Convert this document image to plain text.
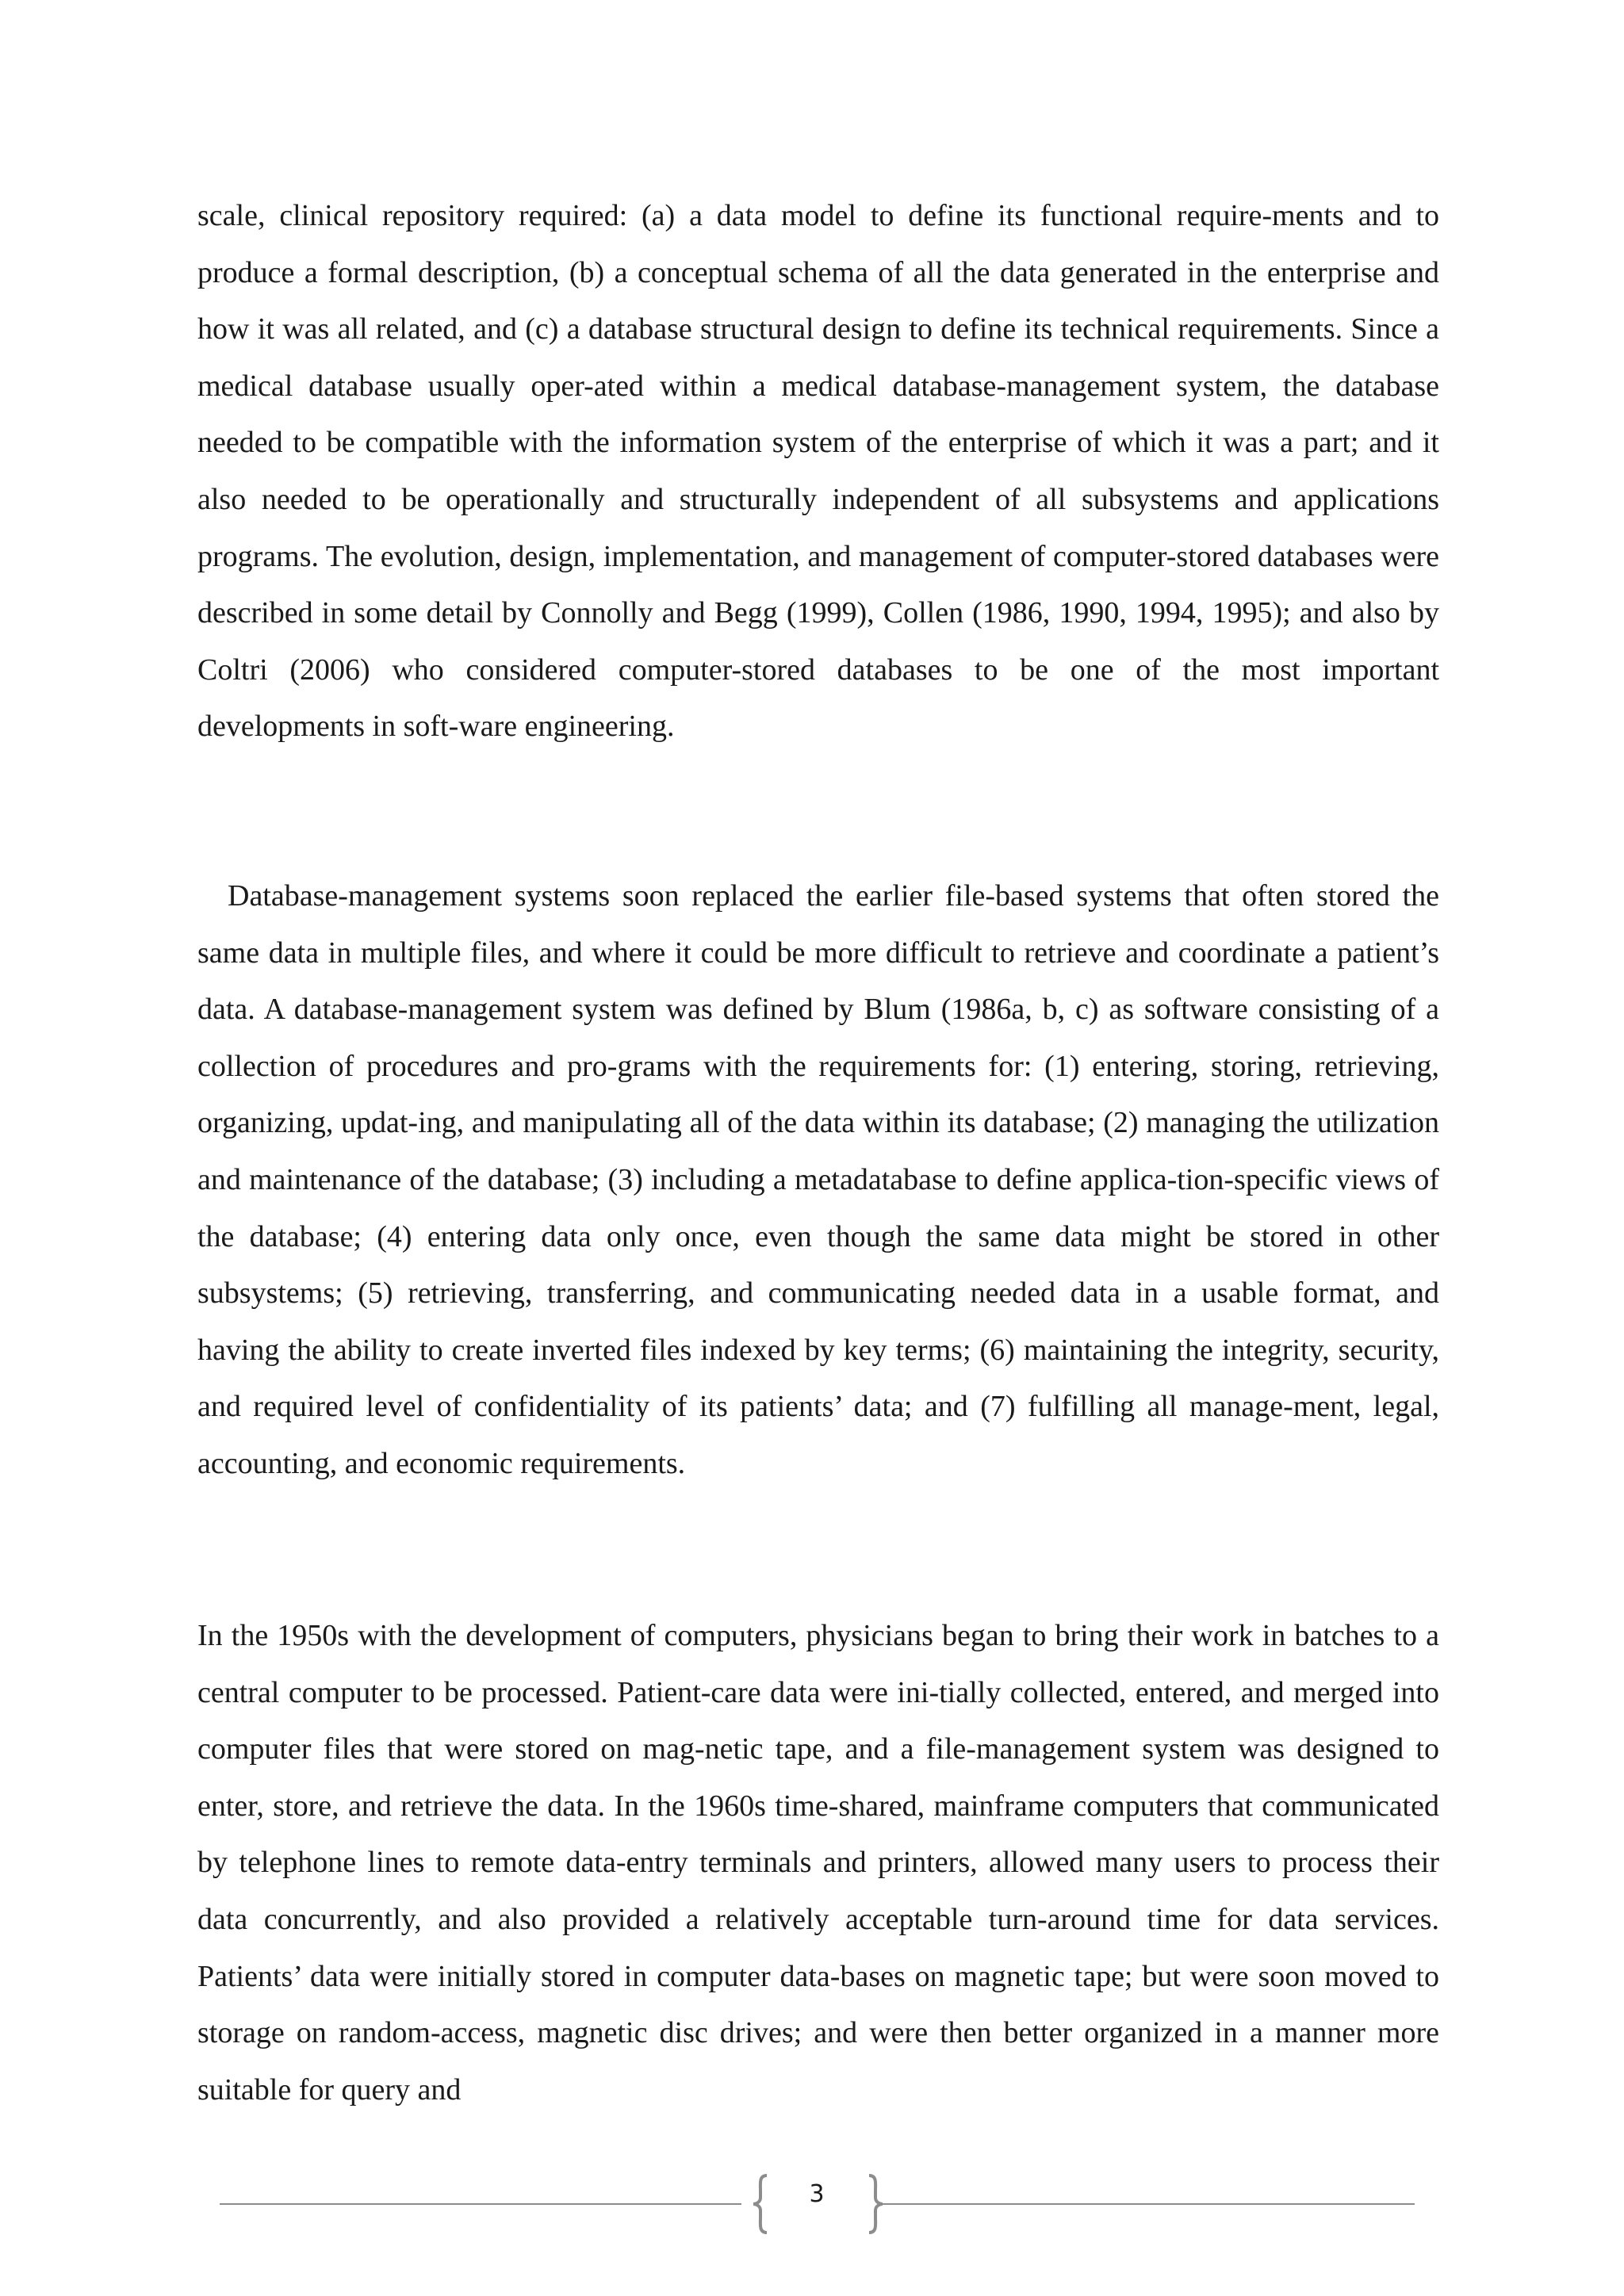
scale, clinical repository required: (a) a data model to define its functional require-ments and to produce a formal description, (b) a conceptual schema of all the data generated in the enterprise and how it was all related, and (c) a database structural design to define its technical requirements. Since a medical database usually oper-ated within a medical database-management system, the database needed to be compatible with the information system of the enterprise of which it was a part; and it also needed to be operationally and structurally independent of all subsystems and applications programs. The evolution, design, implementation, and management of computer-stored databases were described in some detail by Connolly and Begg (1999), Collen (1986, 1990, 1994, 1995); and also by Coltri (2006) who considered computer-stored databases to be one of the most important developments in soft-ware engineering.

Database-management systems soon replaced the earlier file-based systems that often stored the same data in multiple files, and where it could be more difficult to retrieve and coordinate a patient’s data. A database-management system was defined by Blum (1986a, b, c) as software consisting of a collection of procedures and pro-grams with the requirements for: (1) entering, storing, retrieving, organizing, updat-ing, and manipulating all of the data within its database; (2) managing the utilization and maintenance of the database; (3) including a metadatabase to define applica-tion-specific views of the database; (4) entering data only once, even though the same data might be stored in other subsystems; (5) retrieving, transferring, and communicating needed data in a usable format, and having the ability to create inverted files indexed by key terms; (6) maintaining the integrity, security, and required level of confidentiality of its patients’ data; and (7) fulfilling all manage-ment, legal, accounting, and economic requirements.

In the 1950s with the development of computers, physicians began to bring their work in batches to a central computer to be processed. Patient-care data were ini-tially collected, entered, and merged into computer files that were stored on mag-netic tape, and a file-management system was designed to enter, store, and retrieve the data. In the 1960s time-shared, mainframe computers that communicated by telephone lines to remote data-entry terminals and printers, allowed many users to process their data concurrently, and also provided a relatively acceptable turn-around time for data services. Patients’ data were initially stored in computer data-bases on magnetic tape; but were soon moved to storage on random-access, magnetic disc drives; and were then better organized in a manner more suitable for query and

3
